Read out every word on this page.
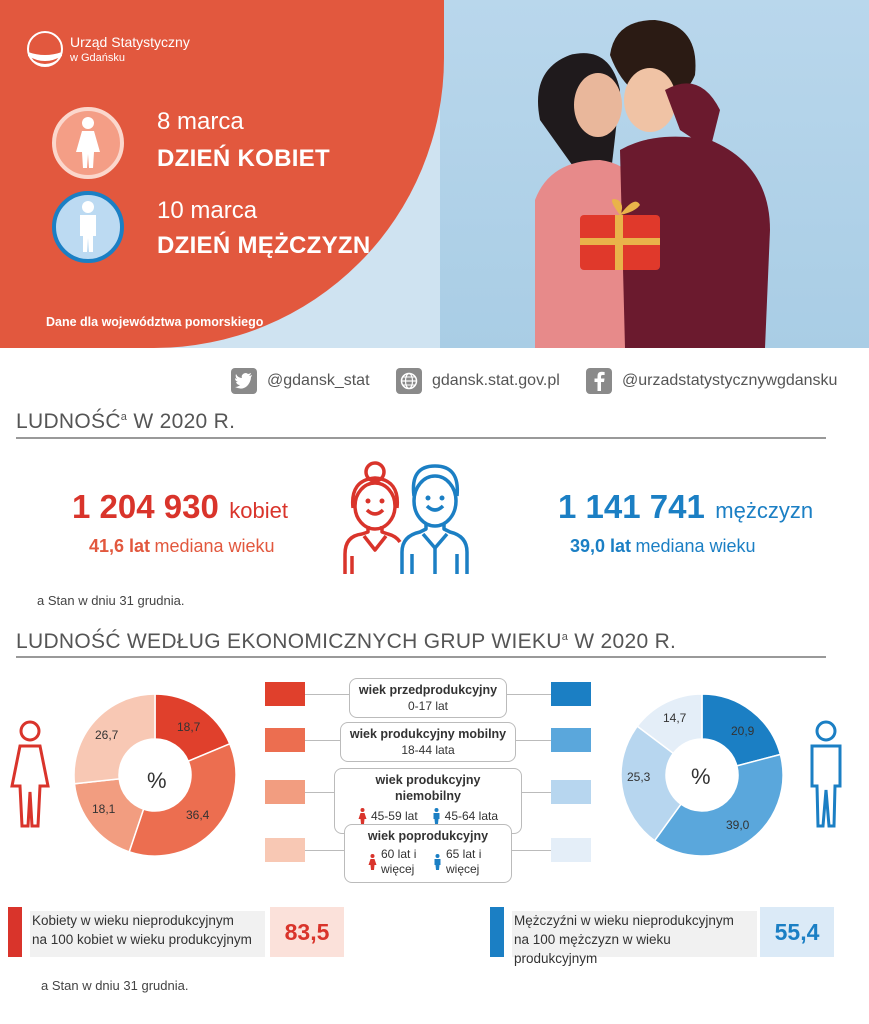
Urząd Statystyczny
w Gdańsku
8 marca
DZIEŃ KOBIET
10 marca
DZIEŃ MĘŻCZYZN
Dane dla województwa pomorskiego
@gdansk_stat	gdansk.stat.gov.pl	@urzadstatystycznywgdansku
LUDNOŚĆ$^a$ W 2020 R.
1 204 930 kobiet
41,6 lat mediana wieku
1 141 741 mężczyzn
39,0 lat mediana wieku
a Stan w dniu 31 grudnia.
LUDNOŚĆ WEDŁUG EKONOMICZNYCH GRUP WIEKU$^a$ W 2020 R.
%
18,7
36,4
18,1
26,7
%
20,9
39,0
25,3
14,7
wiek przedprodukcyjny
0-17 lat
wiek produkcyjny mobilny
18-44 lata
wiek produkcyjny niemobilny

45-59 lat 45-64 lata
wiek poprodukcyjny

60 lat i więcej
65 lat i więcej
Kobiety w wieku nieprodukcyjnym
na 100 kobiet w wieku produkcyjnym	83,5	Mężczyźni w wieku nieprodukcyjnym
na 100 mężczyzn w wieku produkcyjnym
55,4
a Stan w dniu 31 grudnia.
